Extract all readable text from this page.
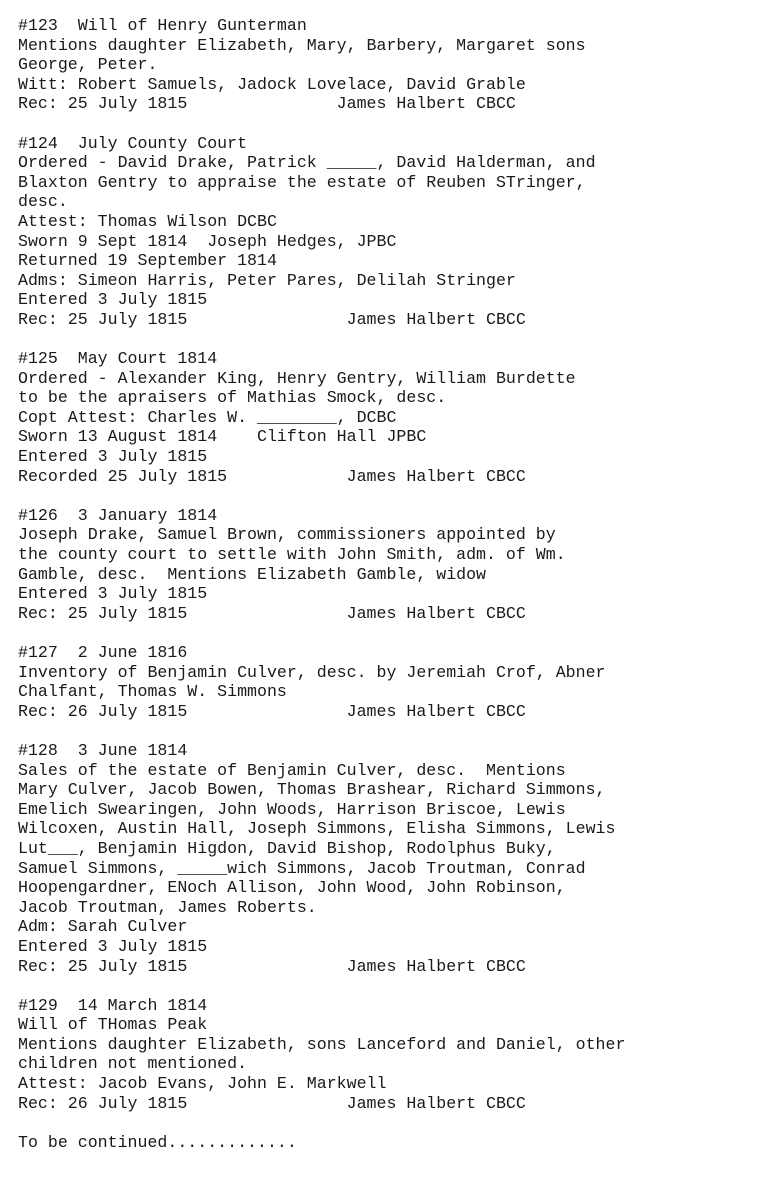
#123  Will of Henry Gunterman
Mentions daughter Elizabeth, Mary, Barbery, Margaret sons
George, Peter.
Witt: Robert Samuels, Jadock Lovelace, David Grable
Rec: 25 July 1815               James Halbert CBCC
#124  July County Court
Ordered - David Drake, Patrick _____, David Halderman, and
Blaxton Gentry to appraise the estate of Reuben STringer,
desc.
Attest: Thomas Wilson DCBC
Sworn 9 Sept 1814  Joseph Hedges, JPBC
Returned 19 September 1814
Adms: Simeon Harris, Peter Pares, Delilah Stringer
Entered 3 July 1815
Rec: 25 July 1815                James Halbert CBCC
#125  May Court 1814
Ordered - Alexander King, Henry Gentry, William Burdette
to be the apraisers of Mathias Smock, desc.
Copt Attest: Charles W. ________, DCBC
Sworn 13 August 1814    Clifton Hall JPBC
Entered 3 July 1815
Recorded 25 July 1815            James Halbert CBCC
#126  3 January 1814
Joseph Drake, Samuel Brown, commissioners appointed by
the county court to settle with John Smith, adm. of Wm.
Gamble, desc.  Mentions Elizabeth Gamble, widow
Entered 3 July 1815
Rec: 25 July 1815                James Halbert CBCC
#127  2 June 1816
Inventory of Benjamin Culver, desc. by Jeremiah Crof, Abner
Chalfant, Thomas W. Simmons
Rec: 26 July 1815                James Halbert CBCC
#128  3 June 1814
Sales of the estate of Benjamin Culver, desc.  Mentions
Mary Culver, Jacob Bowen, Thomas Brashear, Richard Simmons,
Emelich Swearingen, John Woods, Harrison Briscoe, Lewis
Wilcoxen, Austin Hall, Joseph Simmons, Elisha Simmons, Lewis
Lut___, Benjamin Higdon, David Bishop, Rodolphus Buky,
Samuel Simmons, _____wich Simmons, Jacob Troutman, Conrad
Hoopengardner, ENoch Allison, John Wood, John Robinson,
Jacob Troutman, James Roberts.
Adm: Sarah Culver
Entered 3 July 1815
Rec: 25 July 1815                James Halbert CBCC
#129  14 March 1814
Will of THomas Peak
Mentions daughter Elizabeth, sons Lanceford and Daniel, other
children not mentioned.
Attest: Jacob Evans, John E. Markwell
Rec: 26 July 1815                James Halbert CBCC
To be continued.............
